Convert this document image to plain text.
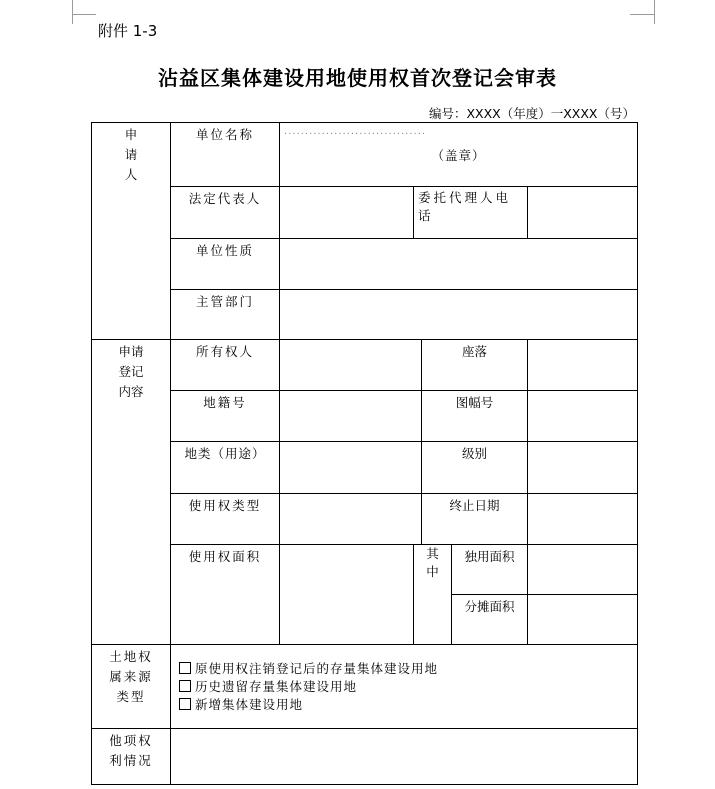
附件 1-3
沾益区集体建设用地使用权首次登记会审表
编号：XXXX（年度）一XXXX（号）
申请人	单位名称	··································
（盖章）				

	法定代表人		委托代理人电话			
	单位性质					
	主管部门					
申请登记内容	所有权人			座落		
	地籍号			图幅号		
	地类（用途）			级别		
	使用权类型			终止日期		
	使用权面积		其中		独用面积	
					分摊面积	
土地权属来源类型	原使用权注销登记后的存量集体建设用地
历史遗留存量集体建设用地
新增集体建设用地					

他项权利情况						
